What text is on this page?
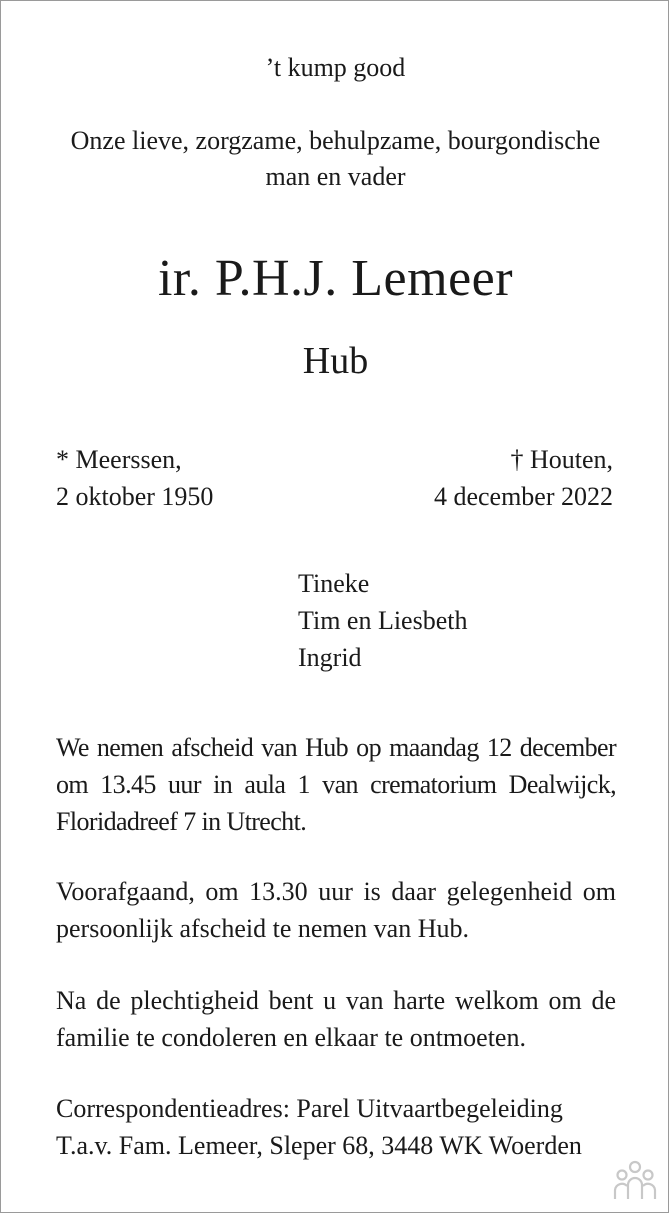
’t kump good
Onze lieve, zorgzame, behulpzame, bourgondische man en vader
ir. P.H.J. Lemeer
Hub
* Meerssen,
2 oktober 1950
† Houten,
4 december 2022
Tineke
Tim en Liesbeth
Ingrid
We nemen afscheid van Hub op maandag 12 december om 13.45 uur in aula 1 van crematorium Dealwijck, Floridadreef 7 in Utrecht.
Voorafgaand, om 13.30 uur is daar gelegenheid om persoonlijk afscheid te nemen van Hub.
Na de plechtigheid bent u van harte welkom om de familie te condoleren en elkaar te ontmoeten.
Correspondentieadres: Parel Uitvaartbegeleiding
T.a.v. Fam. Lemeer, Sleper 68, 3448 WK Woerden
